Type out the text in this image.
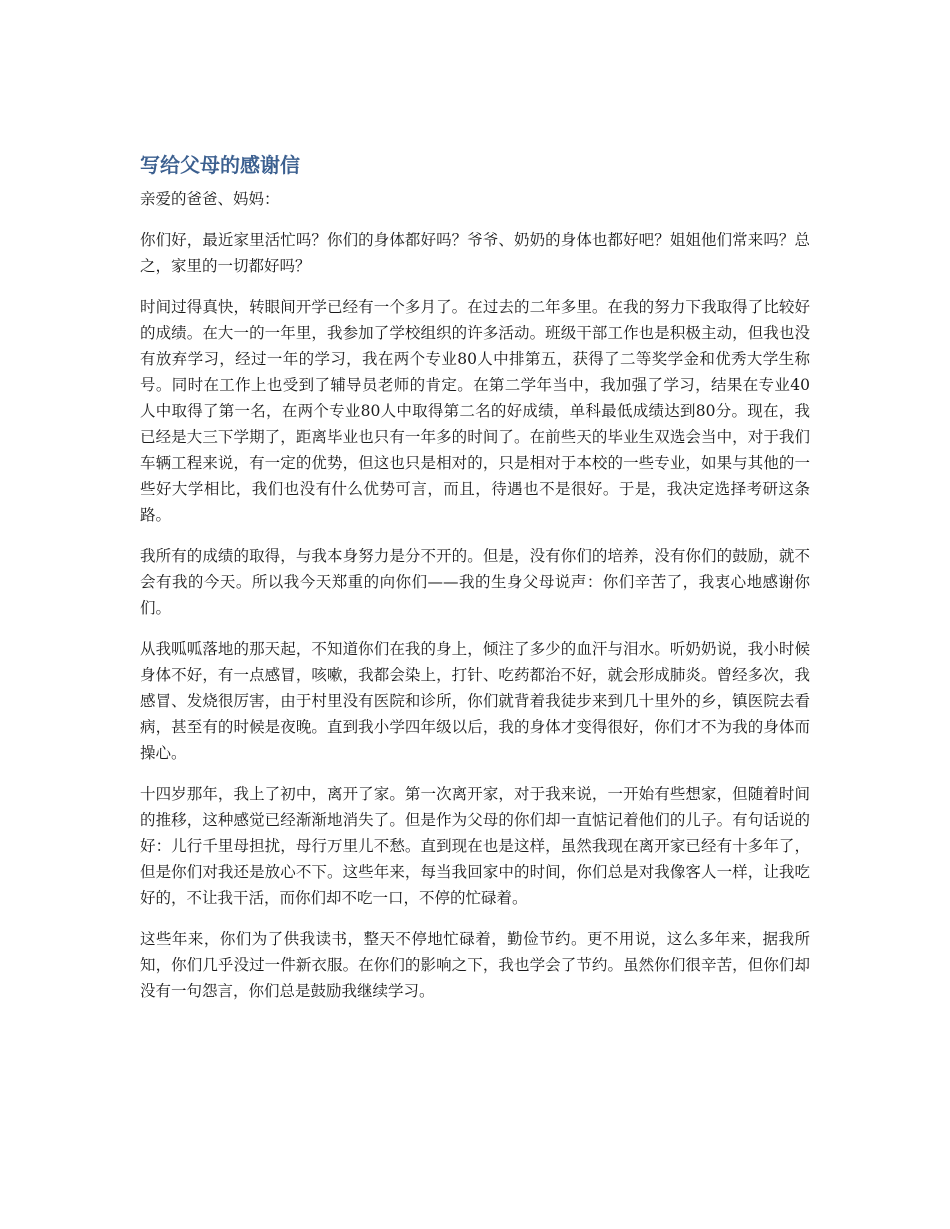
写给父母的感谢信

亲爱的爸爸、妈妈：

你们好，最近家里活忙吗？你们的身体都好吗？爷爷、奶奶的身体也都好吧？姐姐他们常来吗？总之，家里的一切都好吗？

时间过得真快，转眼间开学已经有一个多月了。在过去的二年多里。在我的努力下我取得了比较好的成绩。在大一的一年里，我参加了学校组织的许多活动。班级干部工作也是积极主动，但我也没有放弃学习，经过一年的学习，我在两个专业80人中排第五，获得了二等奖学金和优秀大学生称号。同时在工作上也受到了辅导员老师的肯定。在第二学年当中，我加强了学习，结果在专业40人中取得了第一名，在两个专业80人中取得第二名的好成绩，单科最低成绩达到80分。现在，我已经是大三下学期了，距离毕业也只有一年多的时间了。在前些天的毕业生双选会当中，对于我们车辆工程来说，有一定的优势，但这也只是相对的，只是相对于本校的一些专业，如果与其他的一些好大学相比，我们也没有什么优势可言，而且，待遇也不是很好。于是，我决定选择考研这条路。

我所有的成绩的取得，与我本身努力是分不开的。但是，没有你们的培养，没有你们的鼓励，就不会有我的今天。所以我今天郑重的向你们——我的生身父母说声：你们辛苦了，我衷心地感谢你们。

从我呱呱落地的那天起，不知道你们在我的身上，倾注了多少的血汗与泪水。听奶奶说，我小时候身体不好，有一点感冒，咳嗽，我都会染上，打针、吃药都治不好，就会形成肺炎。曾经多次，我感冒、发烧很厉害，由于村里没有医院和诊所，你们就背着我徒步来到几十里外的乡，镇医院去看病，甚至有的时候是夜晚。直到我小学四年级以后，我的身体才变得很好，你们才不为我的身体而操心。

十四岁那年，我上了初中，离开了家。第一次离开家，对于我来说，一开始有些想家，但随着时间的推移，这种感觉已经渐渐地消失了。但是作为父母的你们却一直惦记着他们的儿子。有句话说的好：儿行千里母担扰，母行万里儿不愁。直到现在也是这样，虽然我现在离开家已经有十多年了，但是你们对我还是放心不下。这些年来，每当我回家中的时间，你们总是对我像客人一样，让我吃好的，不让我干活，而你们却不吃一口，不停的忙碌着。

这些年来，你们为了供我读书，整天不停地忙碌着，勤俭节约。更不用说，这么多年来，据我所知，你们几乎没过一件新衣服。在你们的影响之下，我也学会了节约。虽然你们很辛苦，但你们却没有一句怨言，你们总是鼓励我继续学习。
